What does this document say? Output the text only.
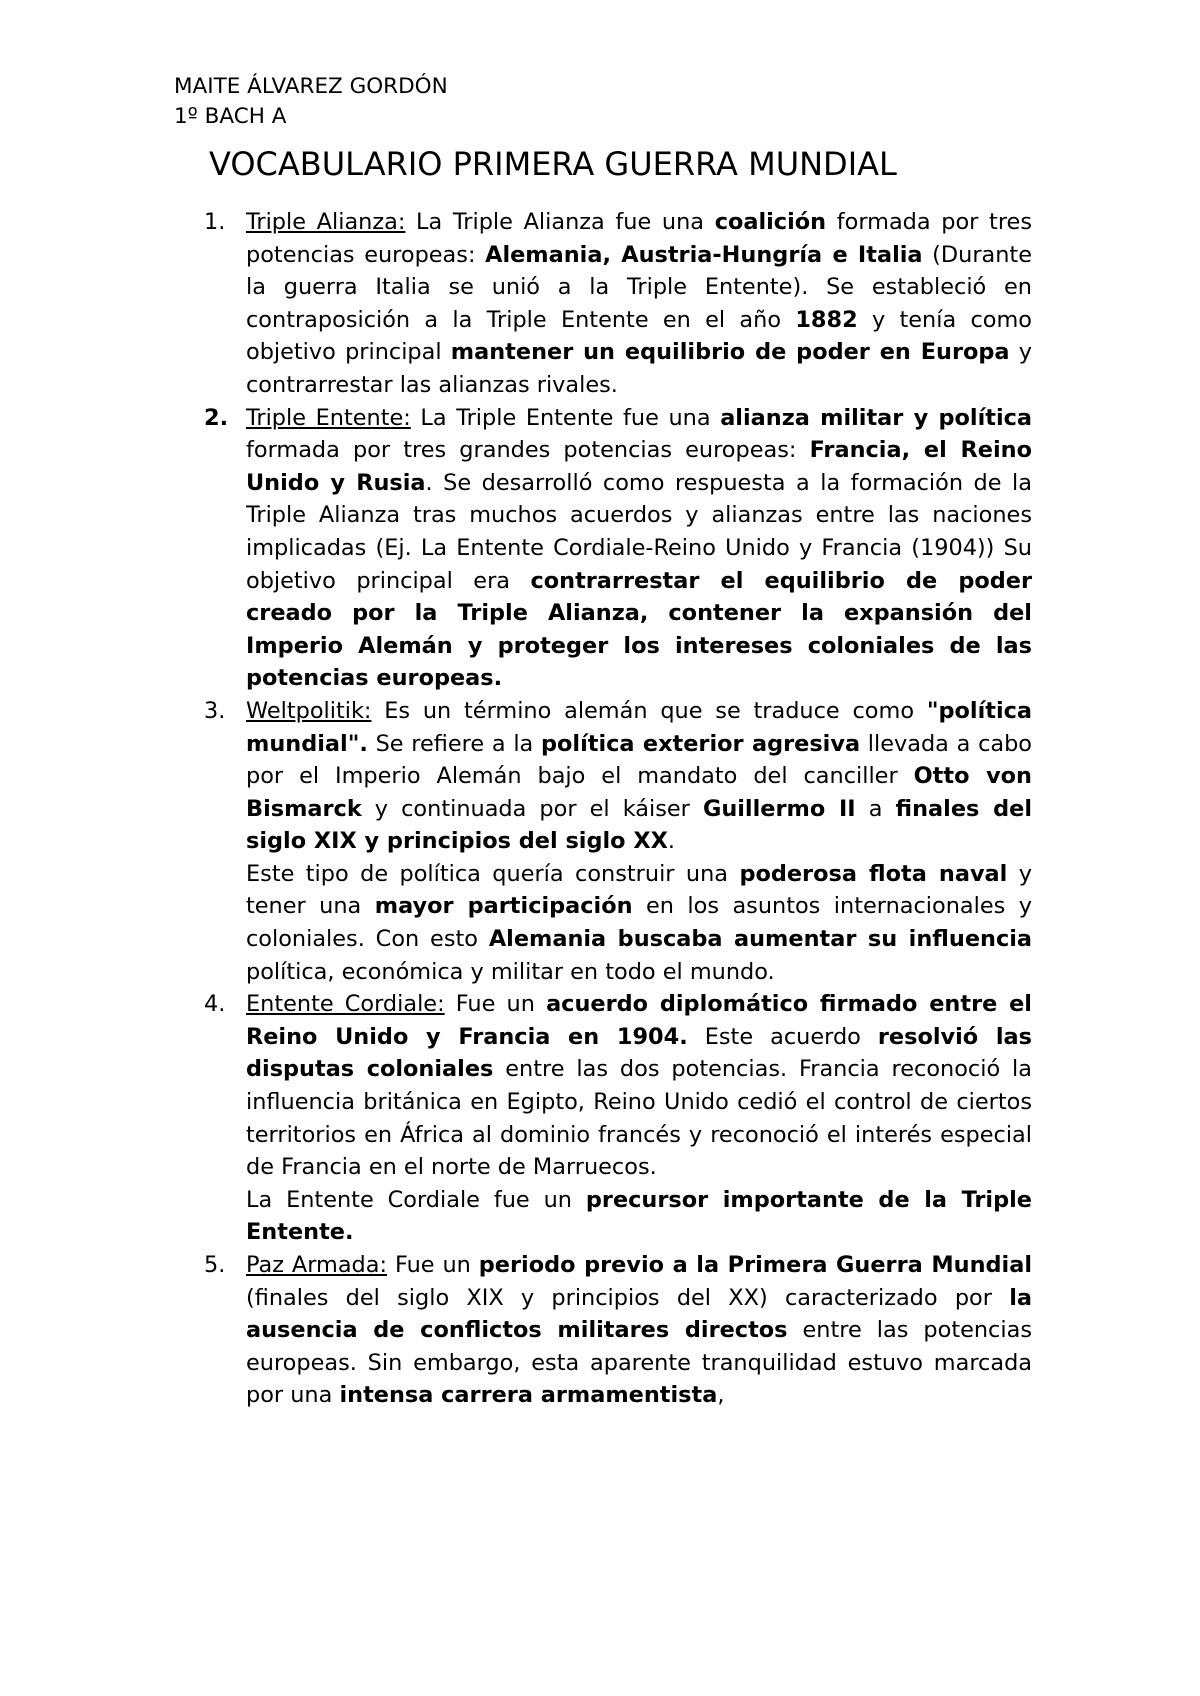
MAITE ÁLVAREZ GORDÓN
1º BACH A
VOCABULARIO PRIMERA GUERRA MUNDIAL
1. Triple Alianza: La Triple Alianza fue una coalición formada por tres potencias europeas: Alemania, Austria-Hungría e Italia (Durante la guerra Italia se unió a la Triple Entente). Se estableció en contraposición a la Triple Entente en el año 1882 y tenía como objetivo principal mantener un equilibrio de poder en Europa y contrarrestar las alianzas rivales.

2. Triple Entente: La Triple Entente fue una alianza militar y política formada por tres grandes potencias europeas: Francia, el Reino Unido y Rusia. Se desarrolló como respuesta a la formación de la Triple Alianza tras muchos acuerdos y alianzas entre las naciones implicadas (Ej. La Entente Cordiale-Reino Unido y Francia (1904)) Su objetivo principal era contrarrestar el equilibrio de poder creado por la Triple Alianza, contener la expansión del Imperio Alemán y proteger los intereses coloniales de las potencias europeas.

3. Weltpolitik: Es un término alemán que se traduce como "política mundial". Se refiere a la política exterior agresiva llevada a cabo por el Imperio Alemán bajo el mandato del canciller Otto von Bismarck y continuada por el káiser Guillermo II a finales del siglo XIX y principios del siglo XX.

Este tipo de política quería construir una poderosa flota naval y tener una mayor participación en los asuntos internacionales y coloniales. Con esto Alemania buscaba aumentar su influencia política, económica y militar en todo el mundo.

4. Entente Cordiale: Fue un acuerdo diplomático firmado entre el Reino Unido y Francia en 1904. Este acuerdo resolvió las disputas coloniales entre las dos potencias. Francia reconoció la influencia británica en Egipto, Reino Unido cedió el control de ciertos territorios en África al dominio francés y reconoció el interés especial de Francia en el norte de Marruecos.

La Entente Cordiale fue un precursor importante de la Triple Entente.

5. Paz Armada: Fue un periodo previo a la Primera Guerra Mundial (finales del siglo XIX y principios del XX) caracterizado por la ausencia de conflictos militares directos entre las potencias europeas. Sin embargo, esta aparente tranquilidad estuvo marcada por una intensa carrera armamentista,
